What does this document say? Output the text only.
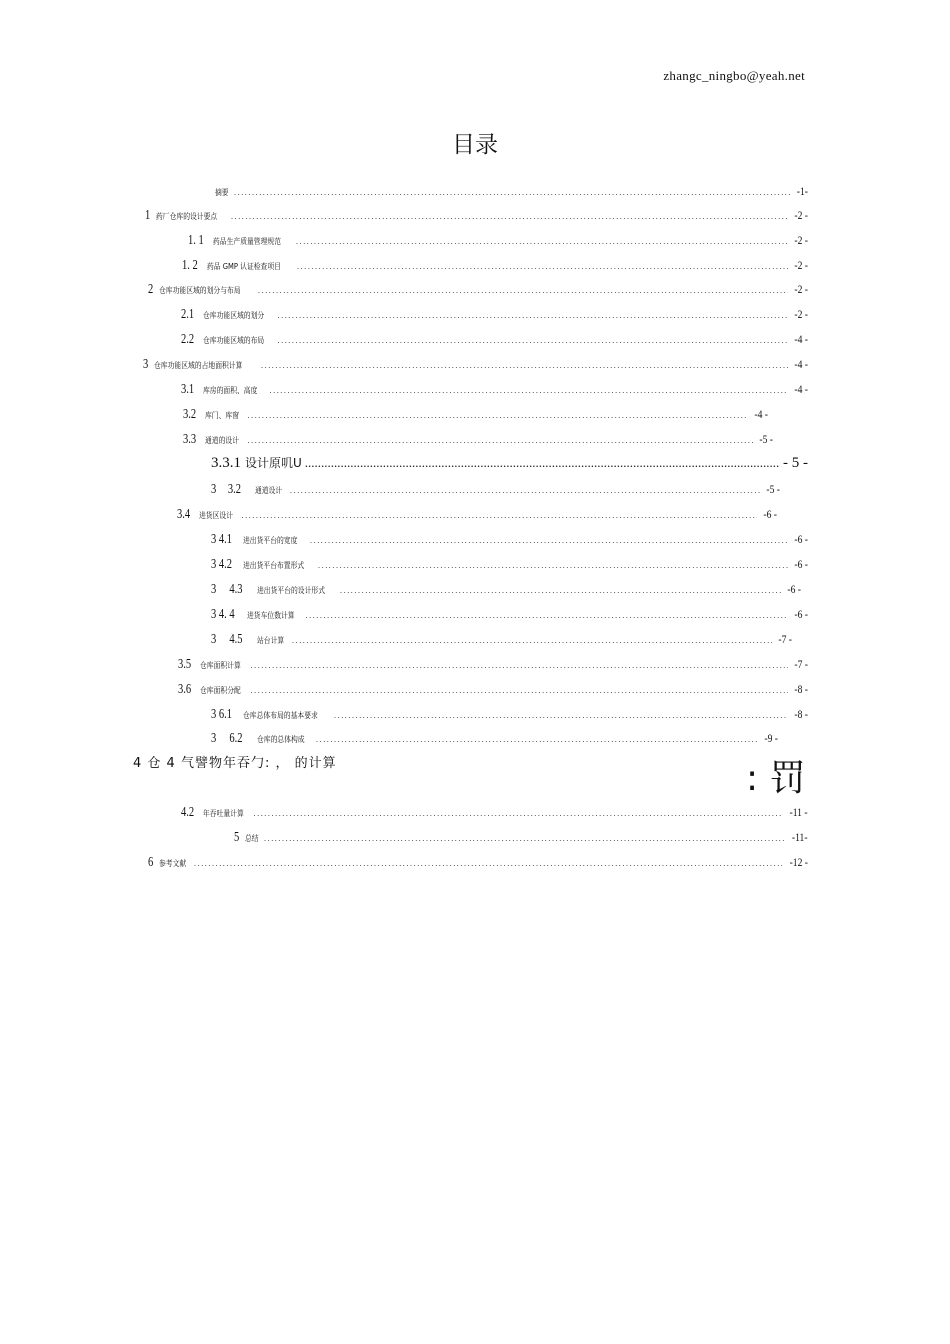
zhangc_ningbo@yeah.net
目录
摘要 .....	-1-
1 药厂仓库的设计要点 .....	-2 -
1. 1 药品生产质量管理规范 .....	-2 -
1. 2 药品 GMP 认证检查项目 .....	-2 -
2 仓库功能区域的划分与布局 .....	-2 -
2.1 仓库功能区域的划分 .....	-2 -
2.2 仓库功能区域的布局 .....	-4 -
3 仓库功能区域的占地面积计算 .....	-4 -
3.1 库房的面积、高度 .....	-4 -
3.2 库门、库窗 .....	-4 -
3.3 通道的设计 .....	-5 -
3.3.1 设计原叽U .....	- 5 -
3 3.2 通道设计 .....	-5 -
3.4 进货区设计 .....	-6 -
3 4.1 进出货平台的宽度 .....	-6 -
3 4.2 进出货平台布置形式 .....	-6 -
3 4.3 进出货平台的设计形式 .....	-6 -
3 4. 4 进货车位数计算 .....	-6 -
3 4.5 站台计算 .....	-7 -
3.5 仓库面积计算 .....	-7 -
3.6 仓库面积分配 .....	-8 -
3 6.1 仓库总体布局的基本要求 .....	-8 -
3 6.2 仓库的总体构成 .....	-9 -
4 仓 4 气譬物年吞勹: ， 的计算	: 罚
4.2 年吞吐量计算 .....	-11 -
5 总结 .....	-11-
6 参考文献 .....	-12 -
